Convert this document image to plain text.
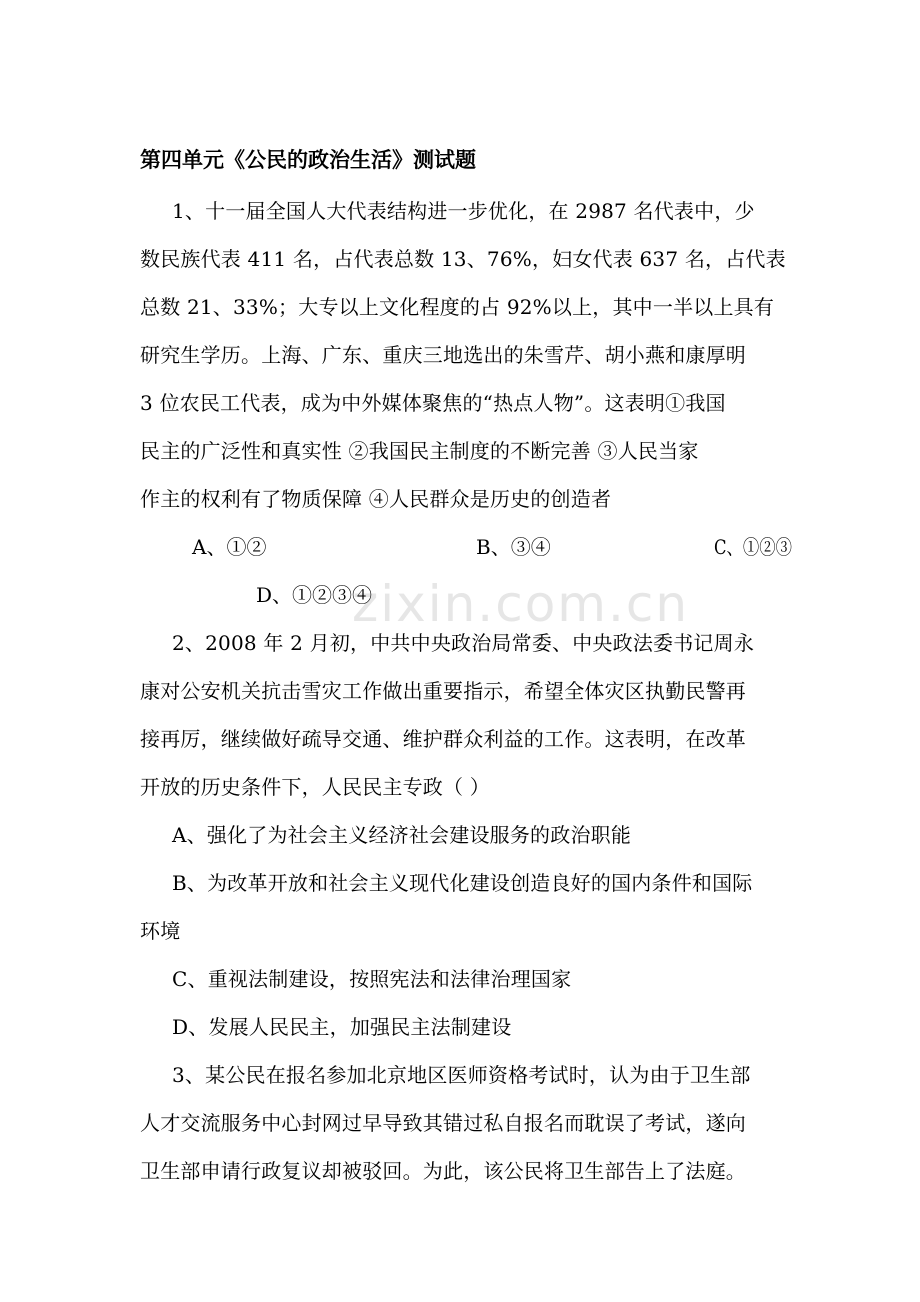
zixin.com.cn
第四单元《公民的政治生活》测试题
1、十一届全国人大代表结构进一步优化，在 2987 名代表中，少
数民族代表 411 名，占代表总数 13、76%，妇女代表 637 名，占代表
总数 21、33%；大专以上文化程度的占 92%以上，其中一半以上具有
研究生学历。上海、广东、重庆三地选出的朱雪芹、胡小燕和康厚明
3 位农民工代表，成为中外媒体聚焦的“热点人物”。这表明①我国
民主的广泛性和真实性 ②我国民主制度的不断完善 ③人民当家
作主的权利有了物质保障 ④人民群众是历史的创造者
A、①②	B、③④	C、①②③
D、①②③④
2、2008 年 2 月初，中共中央政治局常委、中央政法委书记周永
康对公安机关抗击雪灾工作做出重要指示，希望全体灾区执勤民警再
接再厉，继续做好疏导交通、维护群众利益的工作。这表明，在改革
开放的历史条件下，人民民主专政（ ）
A、强化了为社会主义经济社会建设服务的政治职能
B、为改革开放和社会主义现代化建设创造良好的国内条件和国际
环境
C、重视法制建设，按照宪法和法律治理国家
D、发展人民民主，加强民主法制建设
3、某公民在报名参加北京地区医师资格考试时，认为由于卫生部
人才交流服务中心封网过早导致其错过私自报名而耽误了考试，遂向
卫生部申请行政复议却被驳回。为此，该公民将卫生部告上了法庭。
